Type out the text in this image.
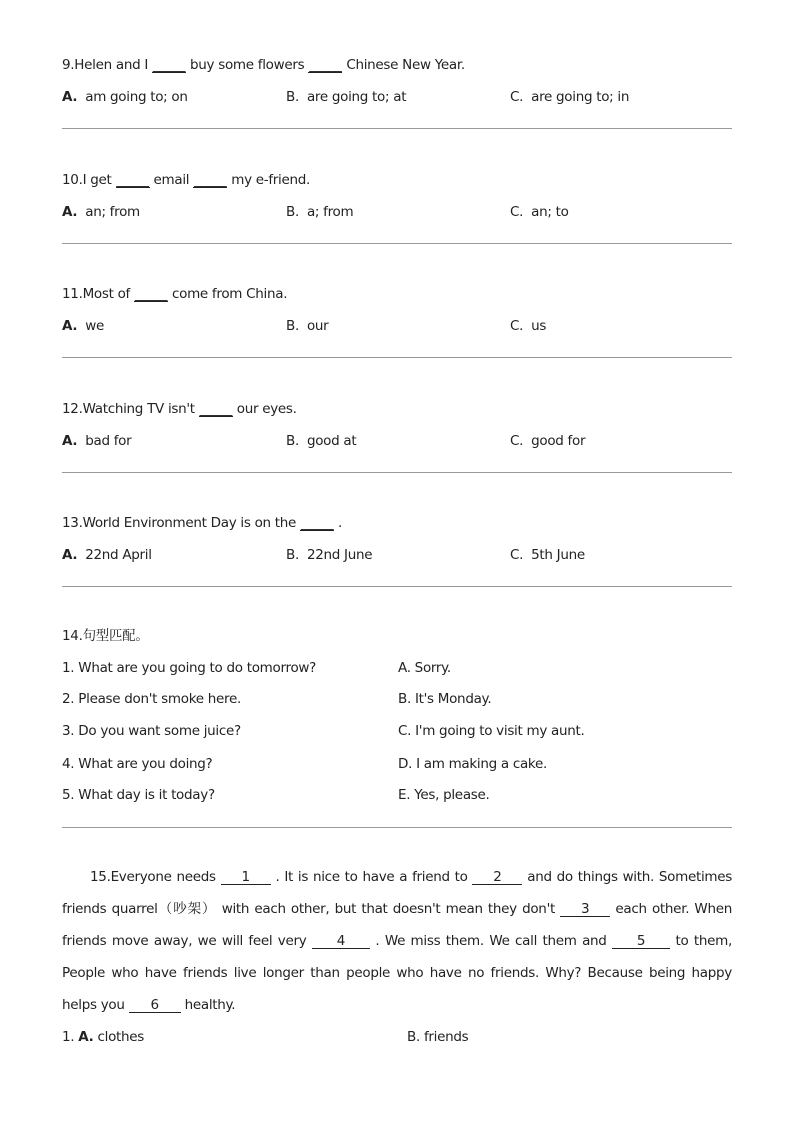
9.Helen and I _____ buy some flowers _____ Chinese New Year.
A. am going to; on	B. are going to; at	C. are going to; in
10.I get _____ email _____ my e-friend.
A. an; from	B. a; from	C. an; to
11.Most of _____ come from China.
A. we	B. our	C. us
12.Watching TV isn't _____ our eyes.
A. bad for	B. good at	C. good for
13.World Environment Day is on the _____ .
A. 22nd April	B. 22nd June	C. 5th June
14.句型匹配。
1. What are you going to do tomorrow?	A. Sorry.
2. Please don't smoke here.	B. It's Monday.
3. Do you want some juice?	C. I'm going to visit my aunt.
4. What are you doing?	D. I am making a cake.
5. What day is it today?	E. Yes, please.
15.Everyone needs 1 . It is nice to have a friend to 2 and do things with. Sometimes friends quarrel（吵架） with each other, but that doesn't mean they don't 3 each other. When friends move away, we will feel very 4 . We miss them. We call them and 5 to them, People who have friends live longer than people who have no friends. Why? Because being happy helps you 6 healthy.
1. A. clothes	B. friends
